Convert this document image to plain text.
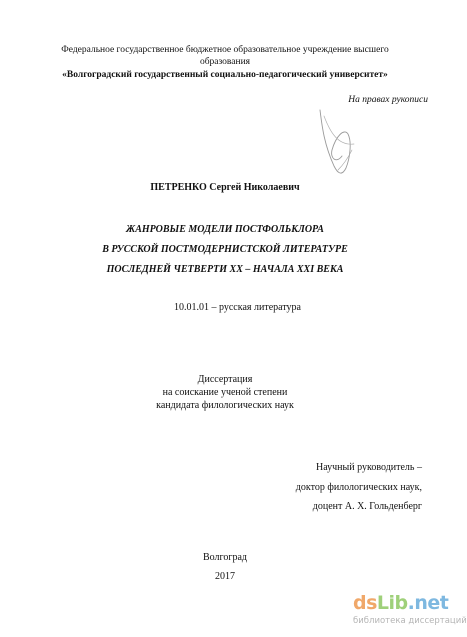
Федеральное государственное бюджетное образовательное учреждение высшего
образования
«Волгоградский государственный социально-педагогический университет»
На правах рукописи
ПЕТРЕНКО Сергей Николаевич
ЖАНРОВЫЕ МОДЕЛИ ПОСТФОЛЬКЛОРА
В РУССКОЙ ПОСТМОДЕРНИСТСКОЙ ЛИТЕРАТУРЕ
ПОСЛЕДНЕЙ ЧЕТВЕРТИ XX – НАЧАЛА XXI ВЕКА
10.01.01 – русская литература
Диссертация
на соискание ученой степени
кандидата филологических наук
Научный руководитель –
доктор филологических наук,
доцент А. Х. Гольденберг
Волгоград
2017
dsLib.net
библиотека диссертаций
